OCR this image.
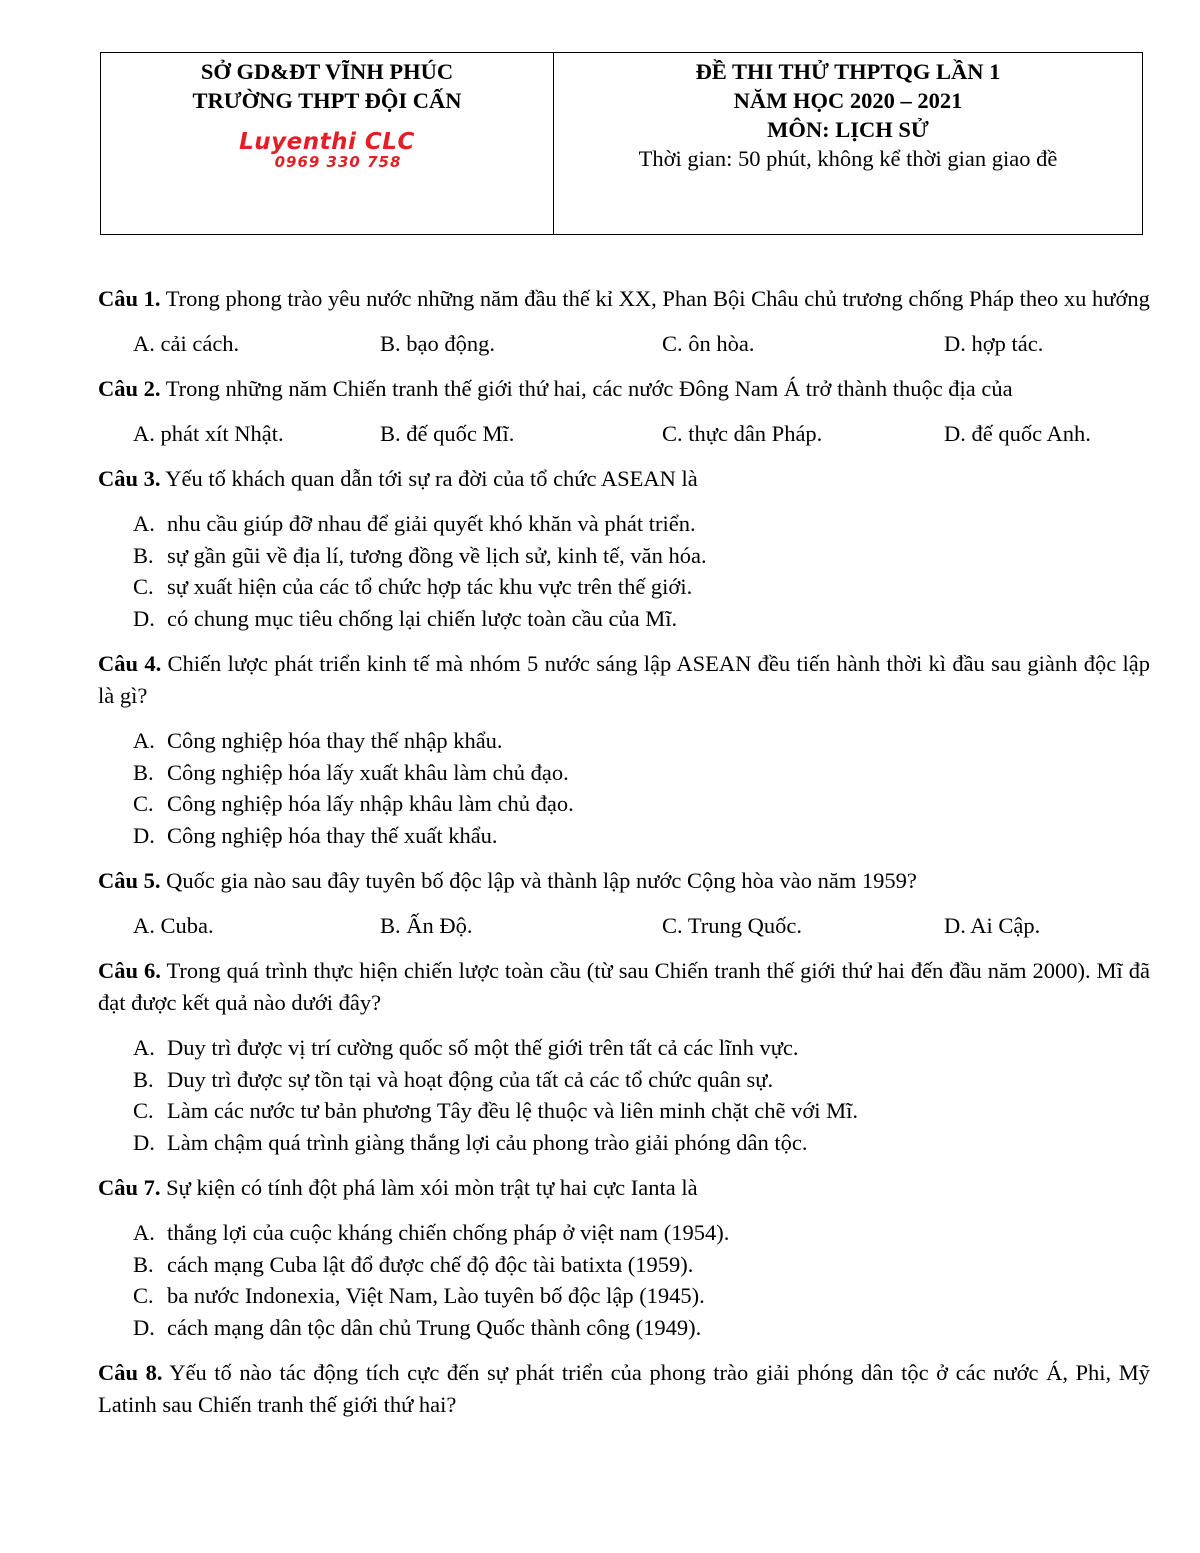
SỞ GD&ĐT VĨNH PHÚC
TRƯỜNG THPT ĐỘI CẤN
Luyenthi CLC
0969 330 758
ĐỀ THI THỬ THPTQG LẦN 1
NĂM HỌC 2020 – 2021
MÔN: LỊCH SỬ
Thời gian: 50 phút, không kể thời gian giao đề

Câu 1. Trong phong trào yêu nước những năm đầu thế kỉ XX, Phan Bội Châu chủ trương chống Pháp theo xu hướng

A. cải cách.	B. bạo động.	C. ôn hòa.	D. hợp tác.

Câu 2. Trong những năm Chiến tranh thế giới thứ hai, các nước Đông Nam Á trở thành thuộc địa của

A. phát xít Nhật.	B. đế quốc Mĩ.	C. thực dân Pháp.	D. đế quốc Anh.

Câu 3. Yếu tố khách quan dẫn tới sự ra đời của tổ chức ASEAN là

A. nhu cầu giúp đỡ nhau để giải quyết khó khăn và phát triển.
B. sự gần gũi về địa lí, tương đồng về lịch sử, kinh tế, văn hóa.
C. sự xuất hiện của các tổ chức hợp tác khu vực trên thế giới.
D. có chung mục tiêu chống lại chiến lược toàn cầu của Mĩ.

Câu 4. Chiến lược phát triển kinh tế mà nhóm 5 nước sáng lập ASEAN đều tiến hành thời kì đầu sau giành độc lập là gì?

A. Công nghiệp hóa thay thế nhập khẩu.
B. Công nghiệp hóa lấy xuất khâu làm chủ đạo.
C. Công nghiệp hóa lấy nhập khâu làm chủ đạo.
D. Công nghiệp hóa thay thế xuất khẩu.

Câu 5. Quốc gia nào sau đây tuyên bố độc lập và thành lập nước Cộng hòa vào năm 1959?

A. Cuba.	B. Ấn Độ.	C. Trung Quốc.	D. Ai Cập.

Câu 6. Trong quá trình thực hiện chiến lược toàn cầu (từ sau Chiến tranh thế giới thứ hai đến đầu năm 2000). Mĩ đã đạt được kết quả nào dưới đây?

A. Duy trì được vị trí cường quốc số một thế giới trên tất cả các lĩnh vực.
B. Duy trì được sự tồn tại và hoạt động của tất cả các tổ chức quân sự.
C. Làm các nước tư bản phương Tây đều lệ thuộc và liên minh chặt chẽ với Mĩ.
D. Làm chậm quá trình giàng thắng lợi cảu phong trào giải phóng dân tộc.

Câu 7. Sự kiện có tính đột phá làm xói mòn trật tự hai cực Ianta là

A. thắng lợi của cuộc kháng chiến chống pháp ở việt nam (1954).
B. cách mạng Cuba lật đổ được chế độ độc tài batixta (1959).
C. ba nước Indonexia, Việt Nam, Lào tuyên bố độc lập (1945).
D. cách mạng dân tộc dân chủ Trung Quốc thành công (1949).

Câu 8. Yếu tố nào tác động tích cực đến sự phát triển của phong trào giải phóng dân tộc ở các nước Á, Phi, Mỹ Latinh sau Chiến tranh thế giới thứ hai?
